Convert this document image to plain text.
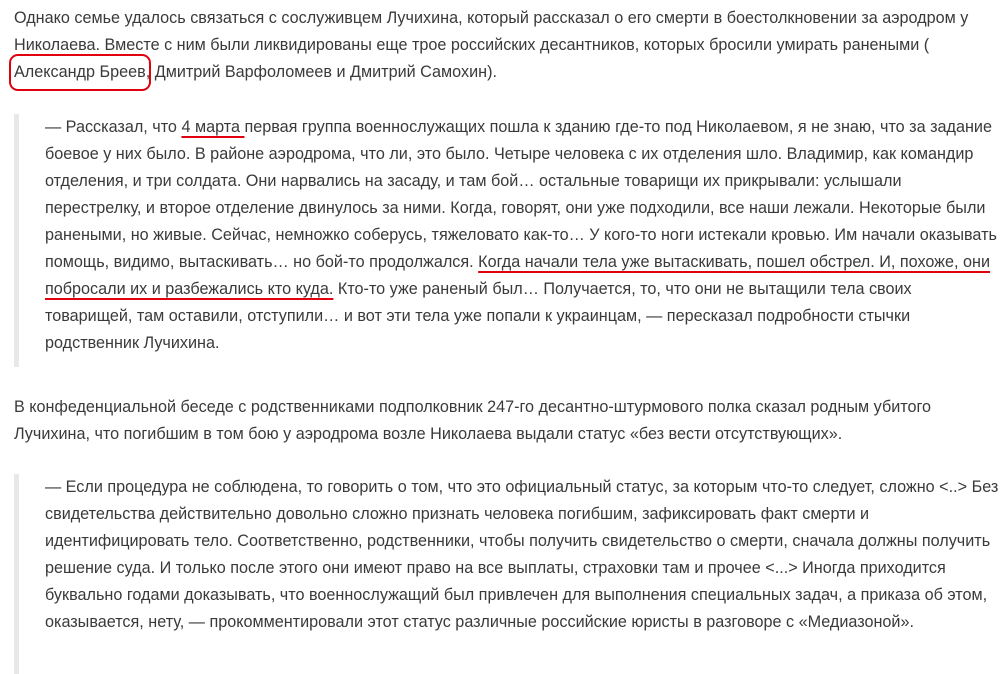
Однако семье удалось связаться с сослуживцем Лучихина, который рассказал о его смерти в боестолкновении за аэродром у Николаева. Вместе с ним были ликвидированы еще трое российских десантников, которых бросили умирать ранеными (Александр Бреев, Дмитрий Варфоломеев и Дмитрий Самохин).

— Рассказал, что 4 марта первая группа военнослужащих пошла к зданию где-то под Николаевом, я не знаю, что за задание боевое у них было. В районе аэродрома, что ли, это было. Четыре человека с их отделения шло. Владимир, как командир отделения, и три солдата. Они нарвались на засаду, и там бой… остальные товарищи их прикрывали: услышали перестрелку, и второе отделение двинулось за ними. Когда, говорят, они уже подходили, все наши лежали. Некоторые были ранеными, но живые. Сейчас, немножко соберусь, тяжеловато как-то… У кого-то ноги истекали кровью. Им начали оказывать помощь, видимо, вытаскивать… но бой-то продолжался. Когда начали тела уже вытаскивать, пошел обстрел. И, похоже, они побросали их и разбежались кто куда. Кто-то уже раненый был… Получается, то, что они не вытащили тела своих товарищей, там оставили, отступили… и вот эти тела уже попали к украинцам, — пересказал подробности стычки родственник Лучихина.

В конфеденциальной беседе с родственниками подполковник 247-го десантно-штурмового полка сказал родным убитого Лучихина, что погибшим в том бою у аэродрома возле Николаева выдали статус «без вести отсутствующих».

— Если процедура не соблюдена, то говорить о том, что это официальный статус, за которым что-то следует, сложно <..> Без свидетельства действительно довольно сложно признать человека погибшим, зафиксировать факт смерти и идентифицировать тело. Соответственно, родственники, чтобы получить свидетельство о смерти, сначала должны получить решение суда. И только после этого они имеют право на все выплаты, страховки там и прочее <...> Иногда приходится буквально годами доказывать, что военнослужащий был привлечен для выполнения специальных задач, а приказа об этом, оказывается, нету, — прокомментировали этот статус различные российские юристы в разговоре с «Медиазоной».
